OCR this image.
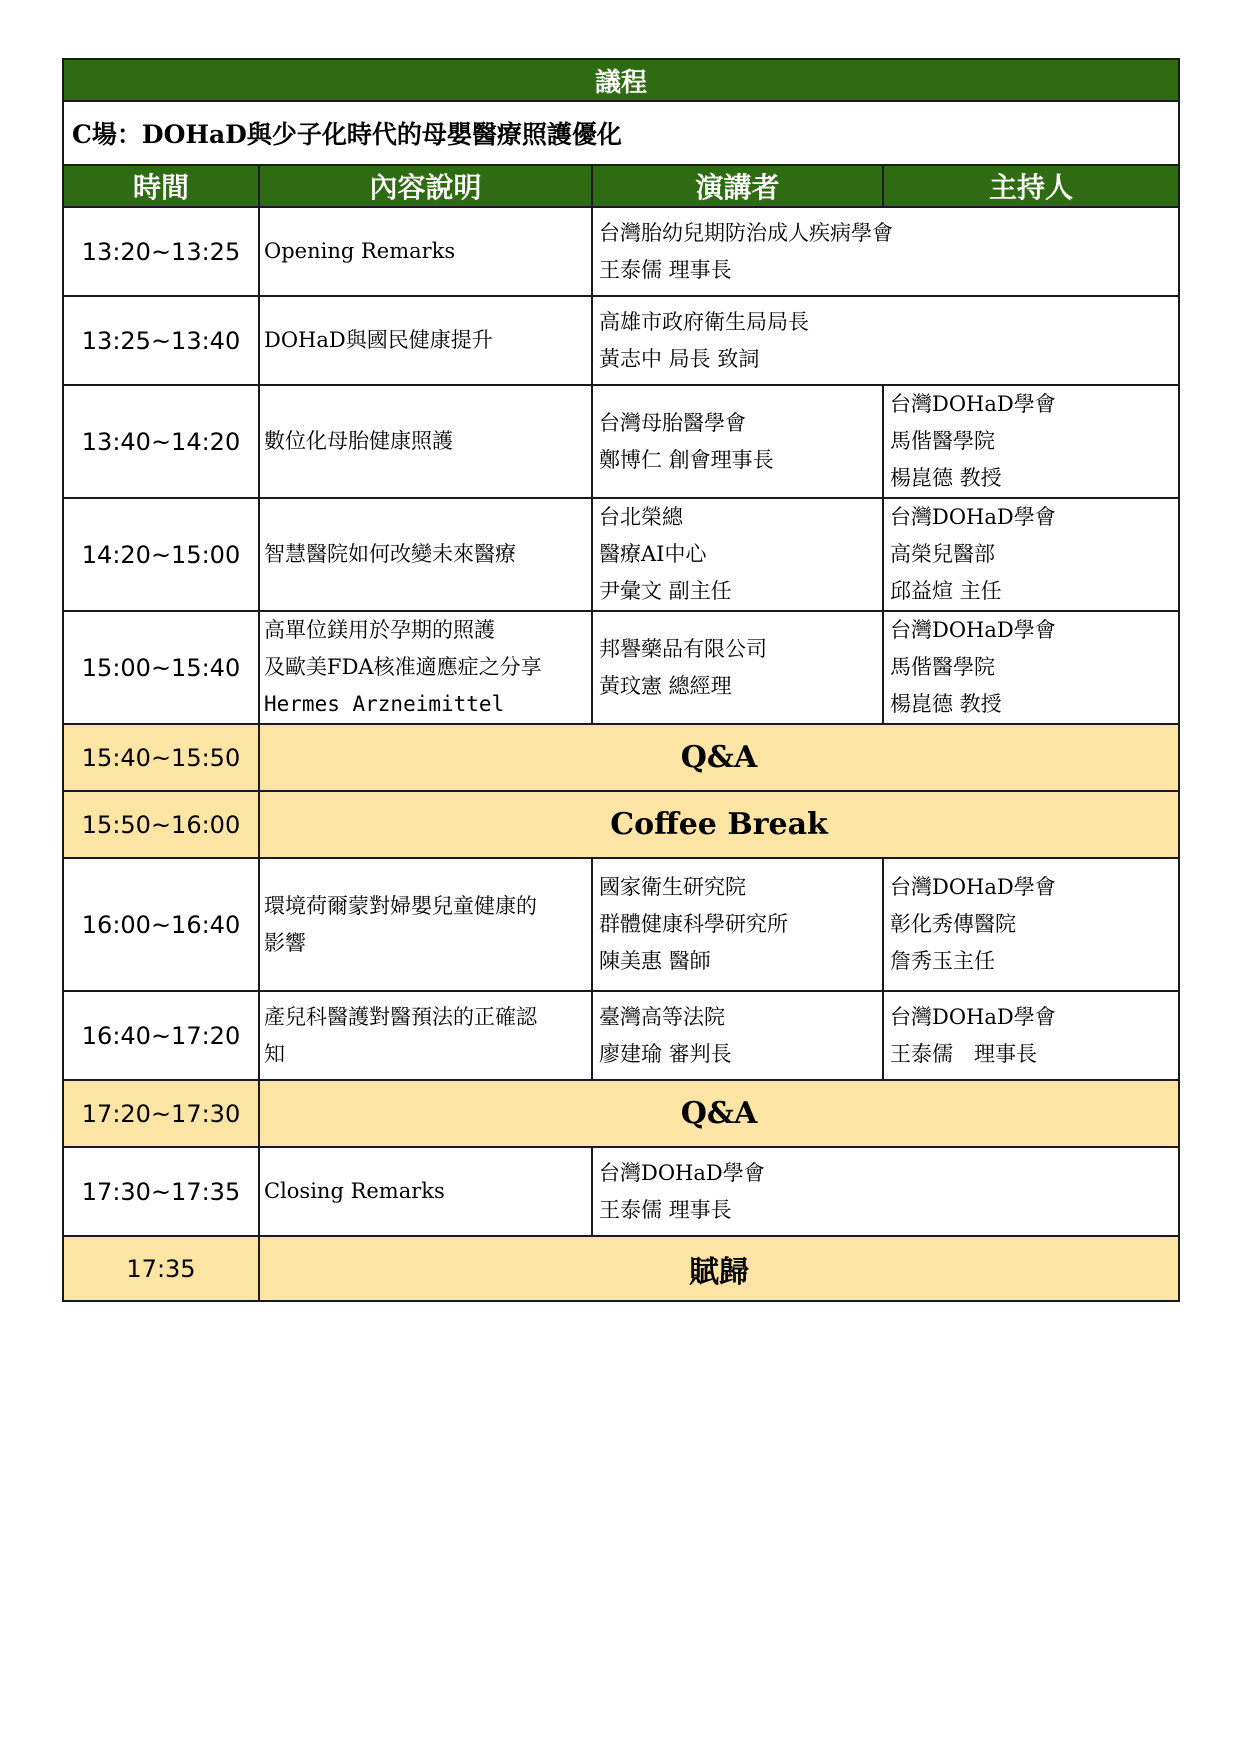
議程			
C場：DOHaD與少子化時代的母嬰醫療照護優化			
時間	內容說明	演講者	主持人
13:20~13:25	Opening Remarks	台灣胎幼兒期防治成人疾病學會
王泰儒 理事長	

13:25~13:40	DOHaD與國民健康提升	高雄市政府衛生局局長
黃志中 局長 致詞	

13:40~14:20	數位化母胎健康照護	台灣母胎醫學會
鄭博仁 創會理事長	台灣DOHaD學會
馬偕醫學院
楊崑德 教授

14:20~15:00	智慧醫院如何改變未來醫療	台北榮總
醫療AI中心
尹彙文 副主任	台灣DOHaD學會
高榮兒醫部
邱益煊 主任

15:00~15:40	高單位鎂用於孕期的照護
及歐美FDA核准適應症之分享
Hermes Arzneimittel	邦譽藥品有限公司
黃玟憲 總經理	台灣DOHaD學會
馬偕醫學院
楊崑德 教授

15:40~15:50	Q&A		
15:50~16:00	Coffee Break		
16:00~16:40	環境荷爾蒙對婦嬰兒童健康的
影響	國家衛生研究院
群體健康科學研究所
陳美惠 醫師	台灣DOHaD學會
彰化秀傳醫院
詹秀玉主任

16:40~17:20	產兒科醫護對醫預法的正確認
知	臺灣高等法院
廖建瑜 審判長	台灣DOHaD學會
王泰儒　理事長

17:20~17:30	Q&A		
17:30~17:35	Closing Remarks	台灣DOHaD學會
王泰儒 理事長	

17:35	賦歸		
